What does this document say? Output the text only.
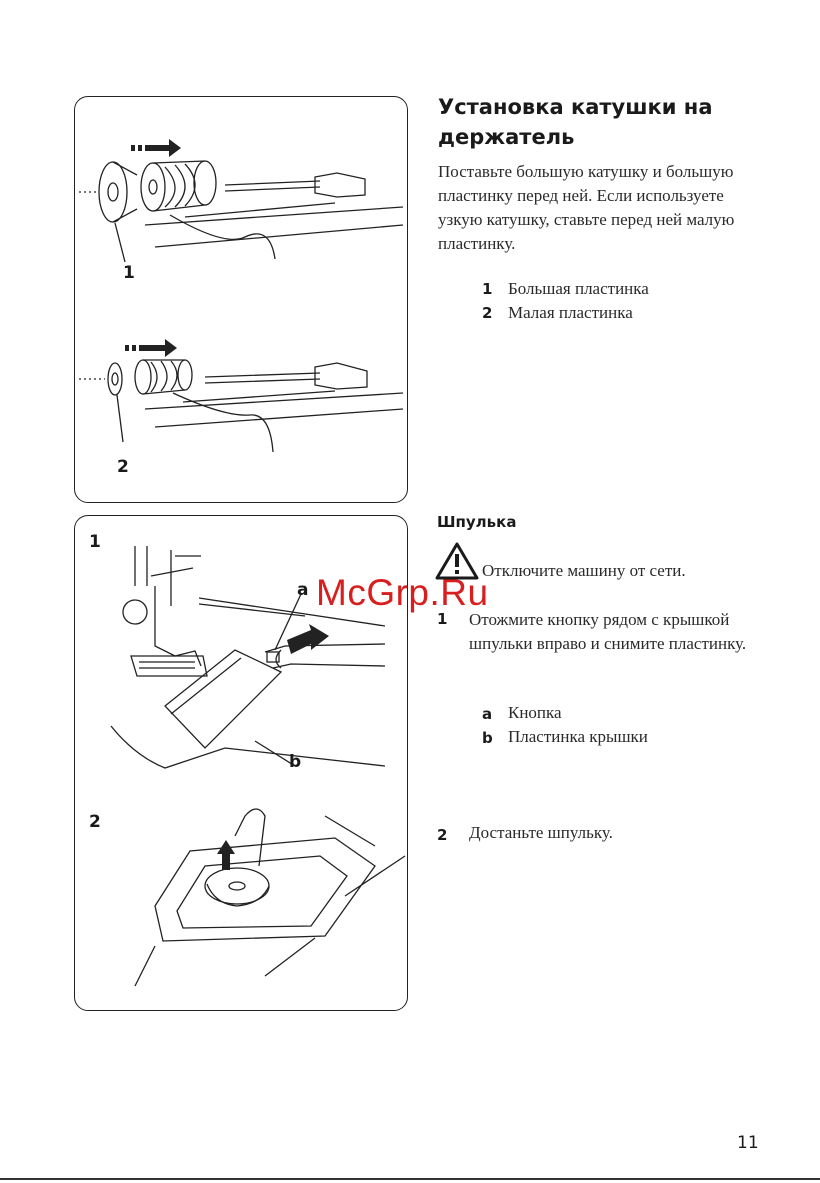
1
2
1
a
b
2
Установка катушки на держатель
Поставьте большую катушку и большую пластинку перед ней. Если используете узкую катушку, ставьте перед ней малую пластинку.
1 Большая пластинка
2 Малая пластинка
Шпулька
Отключите машину от сети.
1 Отожмите кнопку рядом с крышкой шпульки вправо и снимите пластинку.
a Кнопка
b Пластинка крышки
2 Достаньте шпульку.
McGrp.Ru
11
